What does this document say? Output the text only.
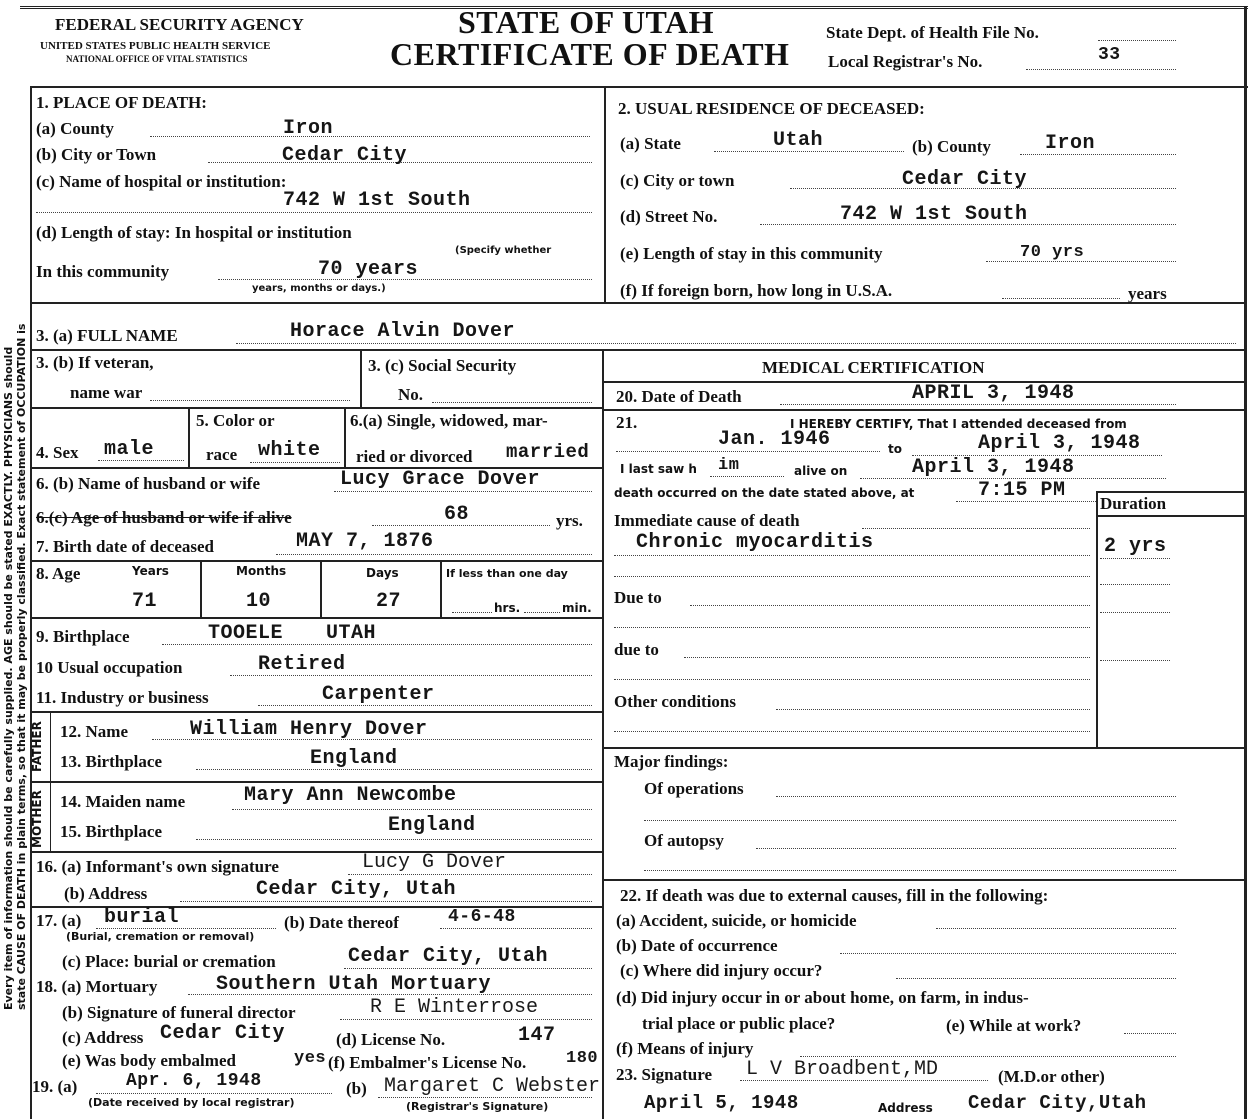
Every item of information should be carefully supplied. AGE should be stated EXACTLY. PHYSICIANS should state CAUSE OF DEATH in plain terms, so that it may be properly classified. Exact statement of OCCUPATION is
FEDERAL SECURITY AGENCY
UNITED STATES PUBLIC HEALTH SERVICE
NATIONAL OFFICE OF VITAL STATISTICS
STATE OF UTAH
CERTIFICATE OF DEATH
State Dept. of Health File No.
Local Registrar's No.	33
1. PLACE OF DEATH:
(a) County	Iron
(b) City or Town	Cedar City
(c) Name of hospital or institution:
742 W 1st South
(d) Length of stay: In hospital or institution
(Specify whether
In this community	70 years
years, months or days.)
2. USUAL RESIDENCE OF DECEASED:
(a) State	Utah	(b) County	Iron
(c) City or town	Cedar City
(d) Street No.	742 W 1st South
(e) Length of stay in this community	70 yrs
(f) If foreign born, how long in U.S.A.	years
3. (a) FULL NAME	Horace Alvin Dover
3. (b) If veteran,
name war
3. (c) Social Security
No.
4. Sex male
5. Color or
race white
6.(a) Single, widowed, mar-
ried or divorced married
6. (b) Name of husband or wife	Lucy Grace Dover
6.(c) Age of husband or wife if alive	68	yrs.
7. Birth date of deceased	MAY 7, 1876
8. Age	Years	Months	Days	If less than one day
71	10	27	hrs.	min.
9. Birthplace	TOOELE UTAH
10 Usual occupation	Retired
11. Industry or business	Carpenter
FATHER 12. Name	William Henry Dover
13. Birthplace	England
MOTHER 14. Maiden name	Mary Ann Newcombe
15. Birthplace	England
16. (a) Informant's own signature	Lucy G Dover
(b) Address	Cedar City, Utah
17. (a) burial
(Burial, cremation or removal)
(b) Date thereof	4-6-48
(c) Place: burial or cremation	Cedar City, Utah
18. (a) Mortuary	Southern Utah Mortuary
(b) Signature of funeral director	R E Winterrose
(c) Address Cedar City	(d) License No.	147
(e) Was body embalmed	yes (f) Embalmer's License No. 180
19. (a)	Apr. 6, 1948
(Date received by local registrar)
(b) Margaret C Webster
(Registrar's Signature)
MEDICAL CERTIFICATION
20. Date of Death	APRIL 3, 1948
21.	I HEREBY CERTIFY, That I attended deceased from
Jan. 1946	to	April 3, 1948
I last saw h im	alive on	April 3, 1948
death occurred on the date stated above, at	7:15 PM
Duration
Immediate cause of death
Chronic myocarditis	2 yrs
Due to
due to
Other conditions
Major findings:
Of operations
Of autopsy
22. If death was due to external causes, fill in the following:
(a) Accident, suicide, or homicide
(b) Date of occurrence
(c) Where did injury occur?
(d) Did injury occur in or about home, on farm, in indus-
trial place or public place?	(e) While at work?
(f) Means of injury
23. Signature L V Broadbent,MD	(M.D.or other)
April 5, 1948	Address Cedar City,Utah
